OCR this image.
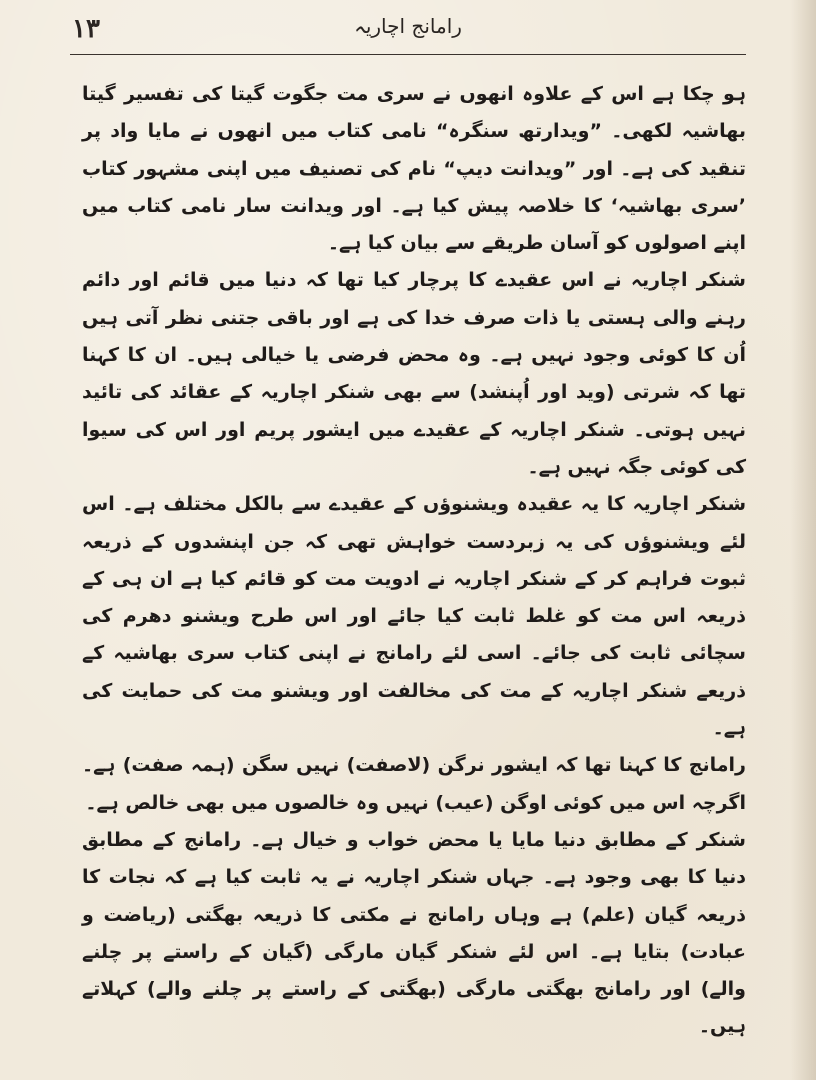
١٣	رامانج اچاریہ

ہو چکا ہے اس کے علاوہ انھوں نے سری مت جگوت گیتا کی تفسیر گیتا بھاشیہ لکھی۔ ”ویدارتھ سنگرہ“ نامی کتاب میں انھوں نے مایا واد پر تنقید کی ہے۔ اور ”ویدانت دیپ“ نام کی تصنیف میں اپنی مشہور کتاب ’سری بھاشیہ‘ کا خلاصہ پیش کیا ہے۔ اور ویدانت سار نامی کتاب میں اپنے اصولوں کو آسان طریقے سے بیان کیا ہے۔

شنکر اچاریہ نے اس عقیدے کا پرچار کیا تھا کہ دنیا میں قائم اور دائم رہنے والی ہستی یا ذات صرف خدا کی ہے اور باقی جتنی نظر آتی ہیں اُن کا کوئی وجود نہیں ہے۔ وہ محض فرضی یا خیالی ہیں۔ ان کا کہنا تھا کہ شرتی (وید اور اُپنشد) سے بھی شنکر اچاریہ کے عقائد کی تائید نہیں ہوتی۔ شنکر اچاریہ کے عقیدے میں ایشور پریم اور اس کی سیوا کی کوئی جگہ نہیں ہے۔

شنکر اچاریہ کا یہ عقیدہ ویشنوؤں کے عقیدے سے بالکل مختلف ہے۔ اس لئے ویشنوؤں کی یہ زبردست خواہش تھی کہ جن اپنشدوں کے ذریعہ ثبوت فراہم کر کے شنکر اچاریہ نے ادویت مت کو قائم کیا ہے ان ہی کے ذریعہ اس مت کو غلط ثابت کیا جائے اور اس طرح ویشنو دھرم کی سچائی ثابت کی جائے۔ اسی لئے رامانج نے اپنی کتاب سری بھاشیہ کے ذریعے شنکر اچاریہ کے مت کی مخالفت اور ویشنو مت کی حمایت کی ہے۔

رامانج کا کہنا تھا کہ ایشور نرگن (لاصفت) نہیں سگن (ہمہ صفت) ہے۔ اگرچہ اس میں کوئی اوگن (عیب) نہیں وہ خالصوں میں بھی خالص ہے۔

شنکر کے مطابق دنیا مایا یا محض خواب و خیال ہے۔ رامانج کے مطابق دنیا کا بھی وجود ہے۔ جہاں شنکر اچاریہ نے یہ ثابت کیا ہے کہ نجات کا ذریعہ گیان (علم) ہے وہاں رامانج نے مکتی کا ذریعہ بھگتی (ریاضت و عبادت) بتایا ہے۔ اس لئے شنکر گیان مارگی (گیان کے راستے پر چلنے والے) اور رامانج بھگتی مارگی (بھگتی کے راستے پر چلنے والے) کہلاتے ہیں۔
